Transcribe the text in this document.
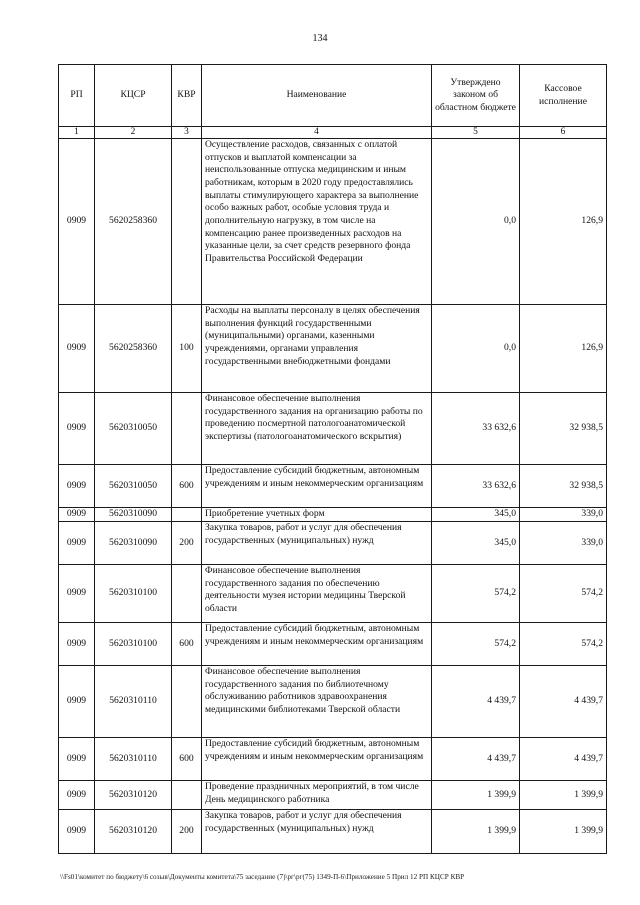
134
РП	КЦСР	КВР	Наименование	Утверждено законом об областном бюджете	Кассовое исполнение
1	2	3	4	5	6
0909	5620258360		Осуществление расходов, связанных с оплатой отпусков и выплатой компенсации за неиспользованные отпуска медицинским и иным работникам, которым в 2020 году предоставлялись выплаты стимулирующего характера за выполнение особо важных работ, особые условия труда и дополнительную нагрузку, в том числе на компенсацию ранее произведенных расходов на указанные цели, за счет средств резервного фонда Правительства Российской Федерации	0,0	126,9
0909	5620258360	100	Расходы на выплаты персоналу в целях обеспечения выполнения функций государственными (муниципальными) органами, казенными учреждениями, органами управления государственными внебюджетными фондами	0,0	126,9
0909	5620310050		Финансовое обеспечение выполнения государственного задания на организацию работы по проведению посмертной патологоанатомической экспертизы (патологоанатомического вскрытия)	33 632,6	32 938,5
0909	5620310050	600	Предоставление субсидий бюджетным, автономным учреждениям и иным некоммерческим организациям	33 632,6	32 938,5
0909	5620310090		Приобретение учетных форм	345,0	339,0
0909	5620310090	200	Закупка товаров, работ и услуг для обеспечения государственных (муниципальных) нужд	345,0	339,0
0909	5620310100		Финансовое обеспечение выполнения государственного задания по обеспечению деятельности музея истории медицины Тверской области	574,2	574,2
0909	5620310100	600	Предоставление субсидий бюджетным, автономным учреждениям и иным некоммерческим организациям	574,2	574,2
0909	5620310110		Финансовое обеспечение выполнения государственного задания по библиотечному обслуживанию работников здравоохранения медицинскими библиотеками Тверской области	4 439,7	4 439,7
0909	5620310110	600	Предоставление субсидий бюджетным, автономным учреждениям и иным некоммерческим организациям	4 439,7	4 439,7
0909	5620310120		Проведение праздничных мероприятий, в том числе День медицинского работника	1 399,9	1 399,9
0909	5620310120	200	Закупка товаров, работ и услуг для обеспечения государственных (муниципальных) нужд	1 399,9	1 399,9
\\Fs01\комитет по бюджету\6 созыв\Документы комитета\75 заседание (7)\рг\рг(75) 1349-П-6\Приложение 5 Прил 12 РП КЦСР КВР
